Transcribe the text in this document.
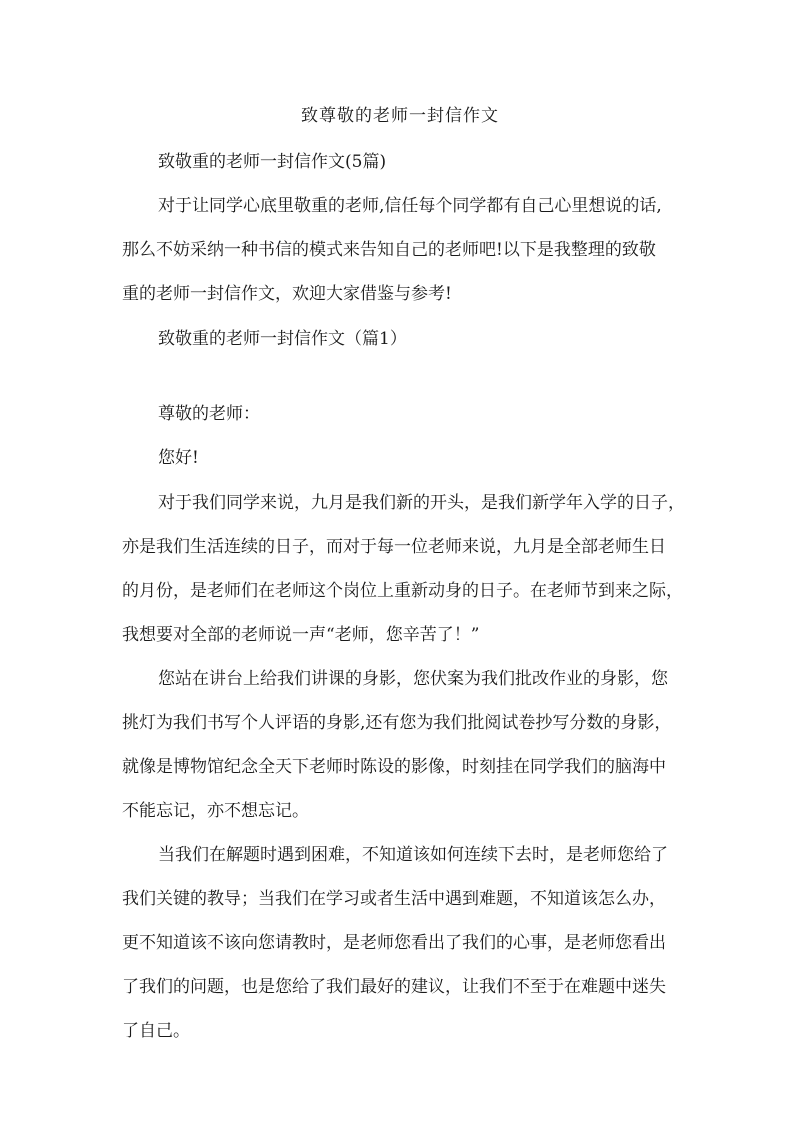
致尊敬的老师一封信作文
致敬重的老师一封信作文(5篇)
对于让同学心底里敬重的老师,信任每个同学都有自己心里想说的话,
那么不妨采纳一种书信的模式来告知自己的老师吧!以下是我整理的致敬
重的老师一封信作文，欢迎大家借鉴与参考!
致敬重的老师一封信作文（篇1）
尊敬的老师：
您好!
对于我们同学来说，九月是我们新的开头，是我们新学年入学的日子，
亦是我们生活连续的日子，而对于每一位老师来说，九月是全部老师生日
的月份，是老师们在老师这个岗位上重新动身的日子。在老师节到来之际，
我想要对全部的老师说一声“老师，您辛苦了！”
您站在讲台上给我们讲课的身影，您伏案为我们批改作业的身影，您
挑灯为我们书写个人评语的身影,还有您为我们批阅试卷抄写分数的身影，
就像是博物馆纪念全天下老师时陈设的影像，时刻挂在同学我们的脑海中
不能忘记，亦不想忘记。
当我们在解题时遇到困难，不知道该如何连续下去时，是老师您给了
我们关键的教导；当我们在学习或者生活中遇到难题，不知道该怎么办，
更不知道该不该向您请教时，是老师您看出了我们的心事，是老师您看出
了我们的问题，也是您给了我们最好的建议，让我们不至于在难题中迷失
了自己。
